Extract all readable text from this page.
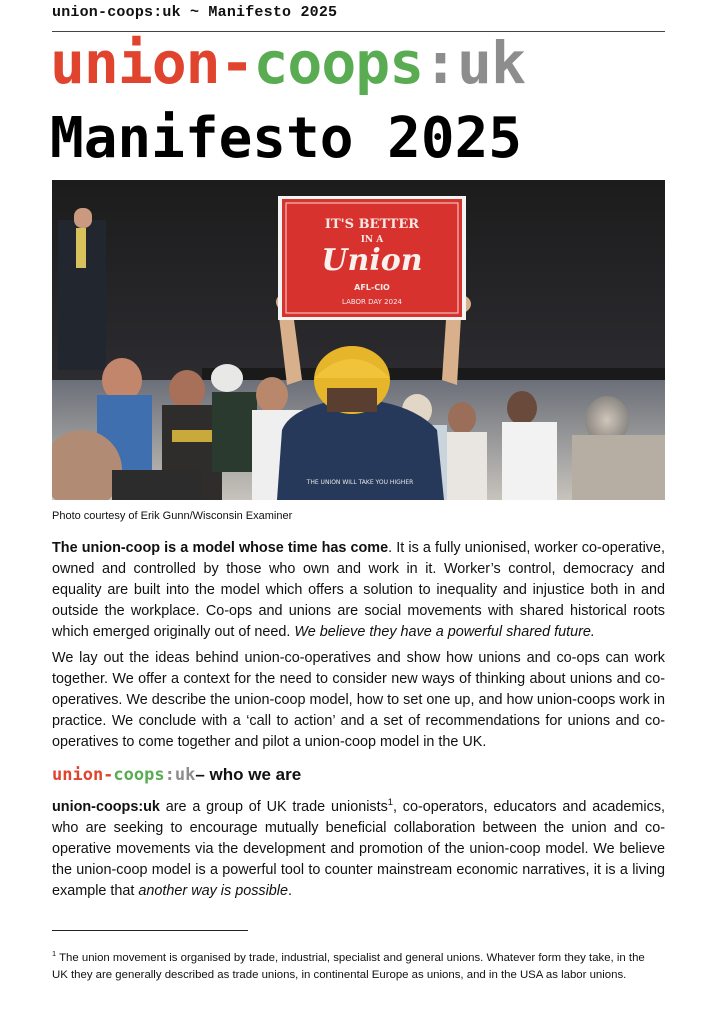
union-coops:uk ~ Manifesto 2025
union-coops:uk
Manifesto 2025
THE UNION WILL TAKE YOU HIGHER
IT'S BETTER
IN A
Union
AFL-CIO
LABOR DAY 2024
Photo courtesy of Erik Gunn/Wisconsin Examiner

The union-coop is a model whose time has come. It is a fully unionised, worker co-operative, owned and controlled by those who own and work in it. Worker’s control, democracy and equality are built into the model which offers a solution to inequality and injustice both in and outside the workplace. Co-ops and unions are social movements with shared historical roots which emerged originally out of need. We believe they have a powerful shared future.

We lay out the ideas behind union-co-operatives and show how unions and co-ops can work together. We offer a context for the need to consider new ways of thinking about unions and co-operatives. We describe the union-coop model, how to set one up, and how union-coops work in practice. We conclude with a ‘call to action’ and a set of recommendations for unions and co-operatives to come together and pilot a union-coop model in the UK.

union-coops:uk– who we are

union-coops:uk are a group of UK trade unionists$^1$, co-operators, educators and academics, who are seeking to encourage mutually beneficial collaboration between the union and co-operative movements via the development and promotion of the union-coop model. We believe the union-coop model is a powerful tool to counter mainstream economic narratives, it is a living example that another way is possible.

$^1$ The union movement is organised by trade, industrial, specialist and general unions. Whatever form they take, in the UK they are generally described as trade unions, in continental Europe as unions, and in the USA as labor unions.
